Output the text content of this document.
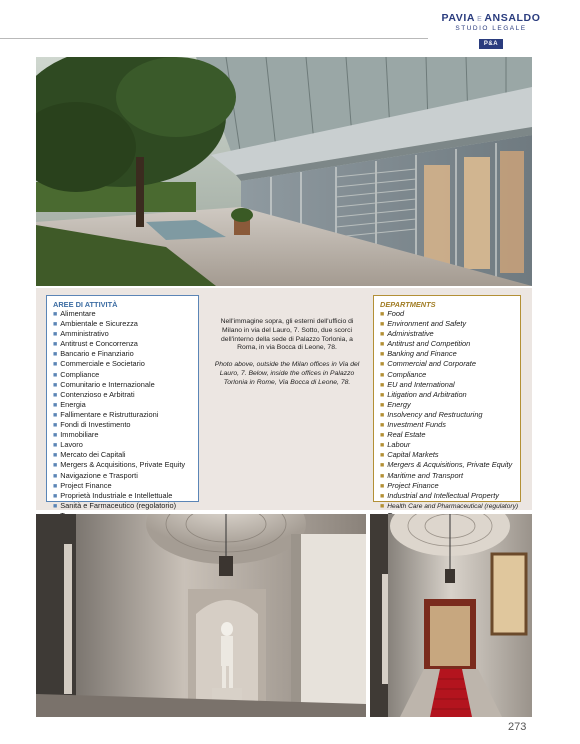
PAVIA E ANSALDO
STUDIO LEGALE
P&A
AREE DI ATTIVITÀ
■ Alimentare
■ Ambientale e Sicurezza
■ Amministrativo
■ Antitrust e Concorrenza
■ Bancario e Finanziario
■ Commerciale e Societario
■ Compliance
■ Comunitario e Internazionale
■ Contenzioso e Arbitrati
■ Energia
■ Fallimentare e Ristrutturazioni
■ Fondi di Investimento
■ Immobiliare
■ Lavoro
■ Mercato dei Capitali
■ Mergers & Acquisitions, Private Equity
■ Navigazione e Trasporti
■ Project Finance
■ Proprietà Industriale e Intellettuale
■ Sanità e Farmaceutico (regolatorio)
Nell'immagine sopra, gli esterni dell'ufficio di Milano in via del Lauro, 7. Sotto, due scorci dell'interno della sede di Palazzo Torlonia, a Roma, in via Bocca di Leone, 78.
Photo above, outside the Milan offices in Via del Lauro, 7. Below, inside the offices in Palazzo Torlonia in Rome, Via Bocca di Leone, 78.
DEPARTMENTS
■ Food
■ Environment and Safety
■ Administrative
■ Antitrust and Competition
■ Banking and Finance
■ Commercial and Corporate
■ Compliance
■ EU and International
■ Litigation and Arbitration
■ Energy
■ Insolvency and Restructuring
■ Investment Funds
■ Real Estate
■ Labour
■ Capital Markets
■ Mergers & Acquisitions, Private Equity
■ Maritime and Transport
■ Project Finance
■ Industrial and Intellectual Property
■ Health Care and Pharmaceutical (regulatory)
273
